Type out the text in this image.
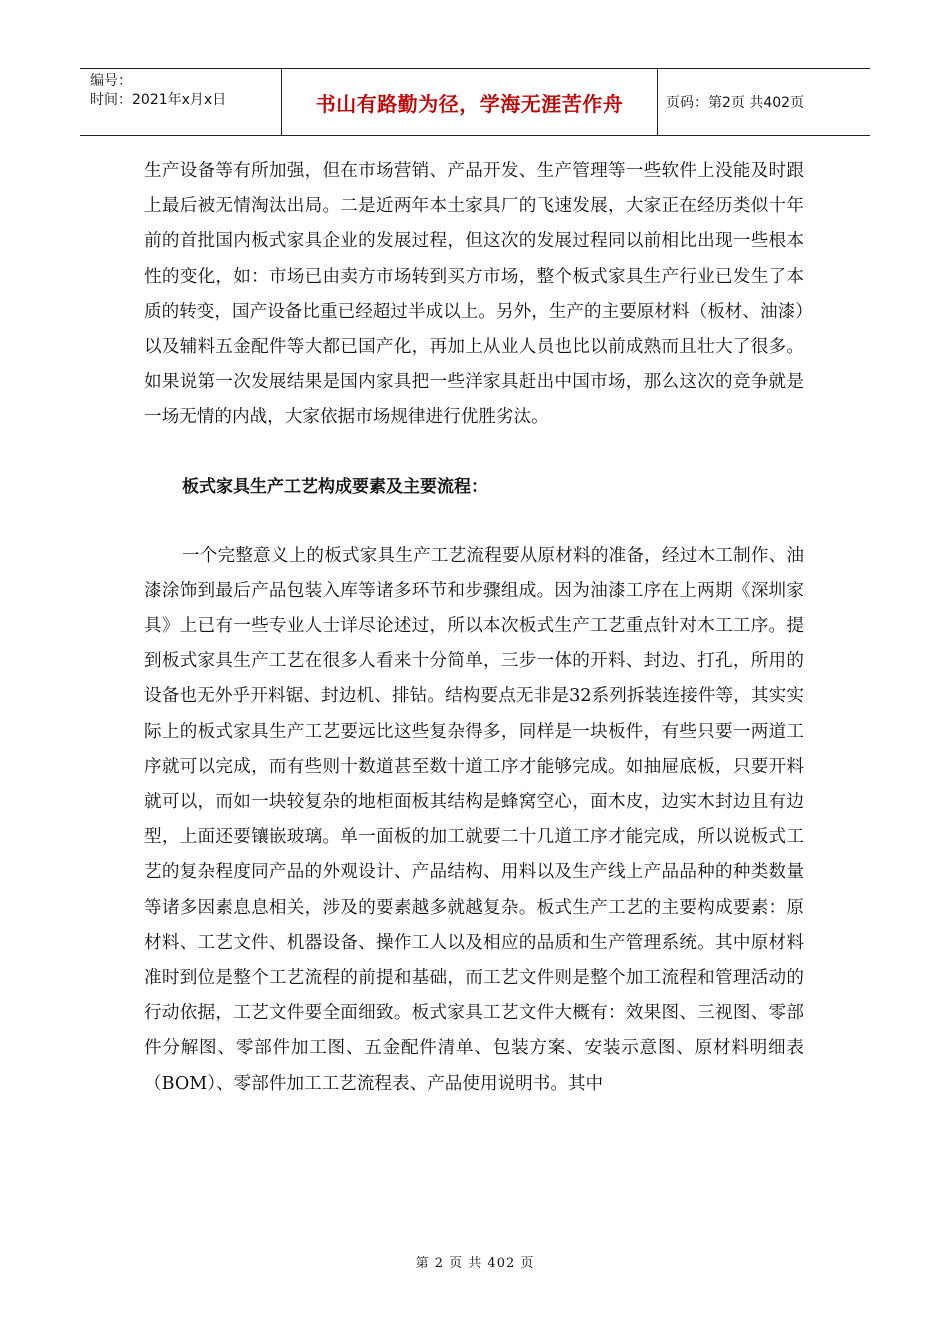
编号：
时间：2021年x月x日	书山有路勤为径，学海无涯苦作舟	页码：第2页 共402页

生产设备等有所加强，但在市场营销、产品开发、生产管理等一些软件上没能及时跟上最后被无情淘汰出局。二是近两年本土家具厂的飞速发展，大家正在经历类似十年前的首批国内板式家具企业的发展过程，但这次的发展过程同以前相比出现一些根本性的变化，如：市场已由卖方市场转到买方市场，整个板式家具生产行业已发生了本质的转变，国产设备比重已经超过半成以上。另外，生产的主要原材料（板材、油漆）以及辅料五金配件等大都已国产化，再加上从业人员也比以前成熟而且壮大了很多。如果说第一次发展结果是国内家具把一些洋家具赶出中国市场，那么这次的竞争就是一场无情的内战，大家依据市场规律进行优胜劣汰。

板式家具生产工艺构成要素及主要流程：

一个完整意义上的板式家具生产工艺流程要从原材料的准备，经过木工制作、油漆涂饰到最后产品包装入库等诸多环节和步骤组成。因为油漆工序在上两期《深圳家具》上已有一些专业人士详尽论述过，所以本次板式生产工艺重点针对木工工序。提到板式家具生产工艺在很多人看来十分简单，三步一体的开料、封边、打孔，所用的设备也无外乎开料锯、封边机、排钻。结构要点无非是32系列拆装连接件等，其实实际上的板式家具生产工艺要远比这些复杂得多，同样是一块板件，有些只要一两道工序就可以完成，而有些则十数道甚至数十道工序才能够完成。如抽屉底板，只要开料就可以，而如一块较复杂的地柜面板其结构是蜂窝空心，面木皮，边实木封边且有边型，上面还要镶嵌玻璃。单一面板的加工就要二十几道工序才能完成，所以说板式工艺的复杂程度同产品的外观设计、产品结构、用料以及生产线上产品品种的种类数量等诸多因素息息相关，涉及的要素越多就越复杂。板式生产工艺的主要构成要素：原材料、工艺文件、机器设备、操作工人以及相应的品质和生产管理系统。其中原材料准时到位是整个工艺流程的前提和基础，而工艺文件则是整个加工流程和管理活动的行动依据，工艺文件要全面细致。板式家具工艺文件大概有：效果图、三视图、零部件分解图、零部件加工图、五金配件清单、包装方案、安装示意图、原材料明细表（BOM）、零部件加工工艺流程表、产品使用说明书。其中

第 2 页 共 402 页
